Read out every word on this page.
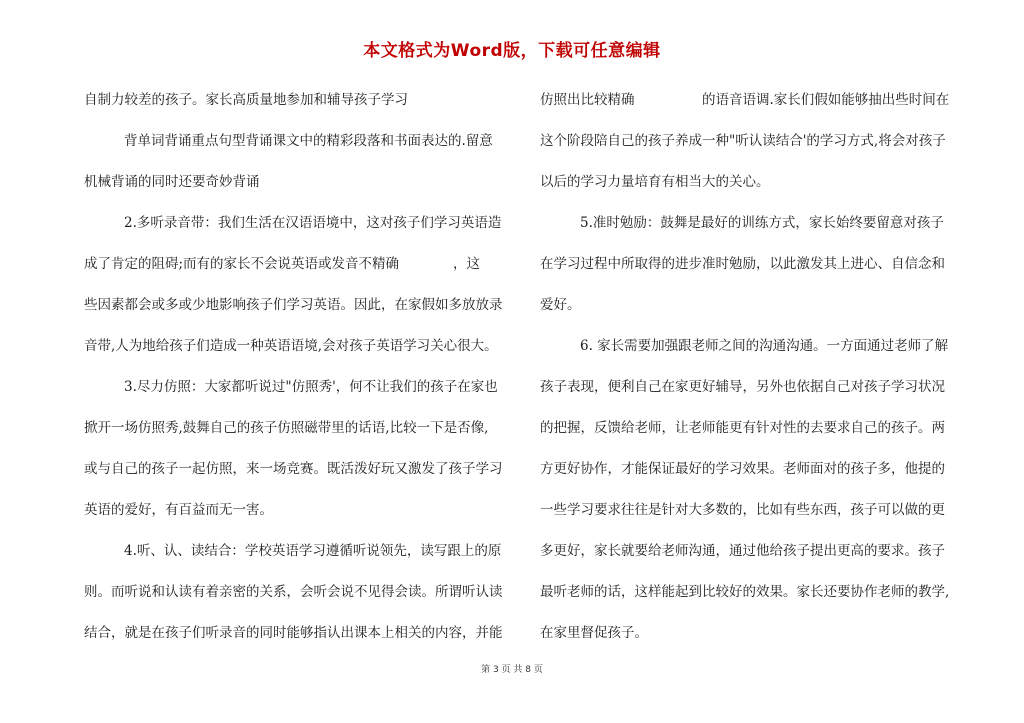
本文格式为Word版，下载可任意编辑
自制力较差的孩子。家长高质量地参加和辅导孩子学习
背单词背诵重点句型背诵课文中的精彩段落和书面表达的.留意
机械背诵的同时还要奇妙背诵
2.多听录音带：我们生活在汉语语境中，这对孩子们学习英语造
成了肯定的阻碍;而有的家长不会说英语或发音不精确　　　　，这
些因素都会或多或少地影响孩子们学习英语。因此，在家假如多放放录
音带,人为地给孩子们造成一种英语语境,会对孩子英语学习关心很大。
3.尽力仿照：大家都听说过"仿照秀'，何不让我们的孩子在家也
掀开一场仿照秀,鼓舞自己的孩子仿照磁带里的话语,比较一下是否像,
或与自己的孩子一起仿照，来一场竞赛。既活泼好玩又激发了孩子学习
英语的爱好，有百益而无一害。
4.听、认、读结合：学校英语学习遵循听说领先，读写跟上的原
则。而听说和认读有着亲密的关系，会听会说不见得会读。所谓听认读
结合，就是在孩子们听录音的同时能够指认出课本上相关的内容，并能
仿照出比较精确　　　　　的语音语调.家长们假如能够抽出些时间在
这个阶段陪自己的孩子养成一种"听认读结合'的学习方式,将会对孩子
以后的学习力量培育有相当大的关心。
5.准时勉励：鼓舞是最好的训练方式，家长始终要留意对孩子
在学习过程中所取得的进步准时勉励，以此激发其上进心、自信念和
爱好。
6. 家长需要加强跟老师之间的沟通沟通。一方面通过老师了解
孩子表现，便利自己在家更好辅导，另外也依据自己对孩子学习状况
的把握，反馈给老师，让老师能更有针对性的去要求自己的孩子。两
方更好协作，才能保证最好的学习效果。老师面对的孩子多，他提的
一些学习要求往往是针对大多数的，比如有些东西，孩子可以做的更
多更好，家长就要给老师沟通，通过他给孩子提出更高的要求。孩子
最听老师的话，这样能起到比较好的效果。家长还要协作老师的教学,
在家里督促孩子。
第 3 页 共 8 页
